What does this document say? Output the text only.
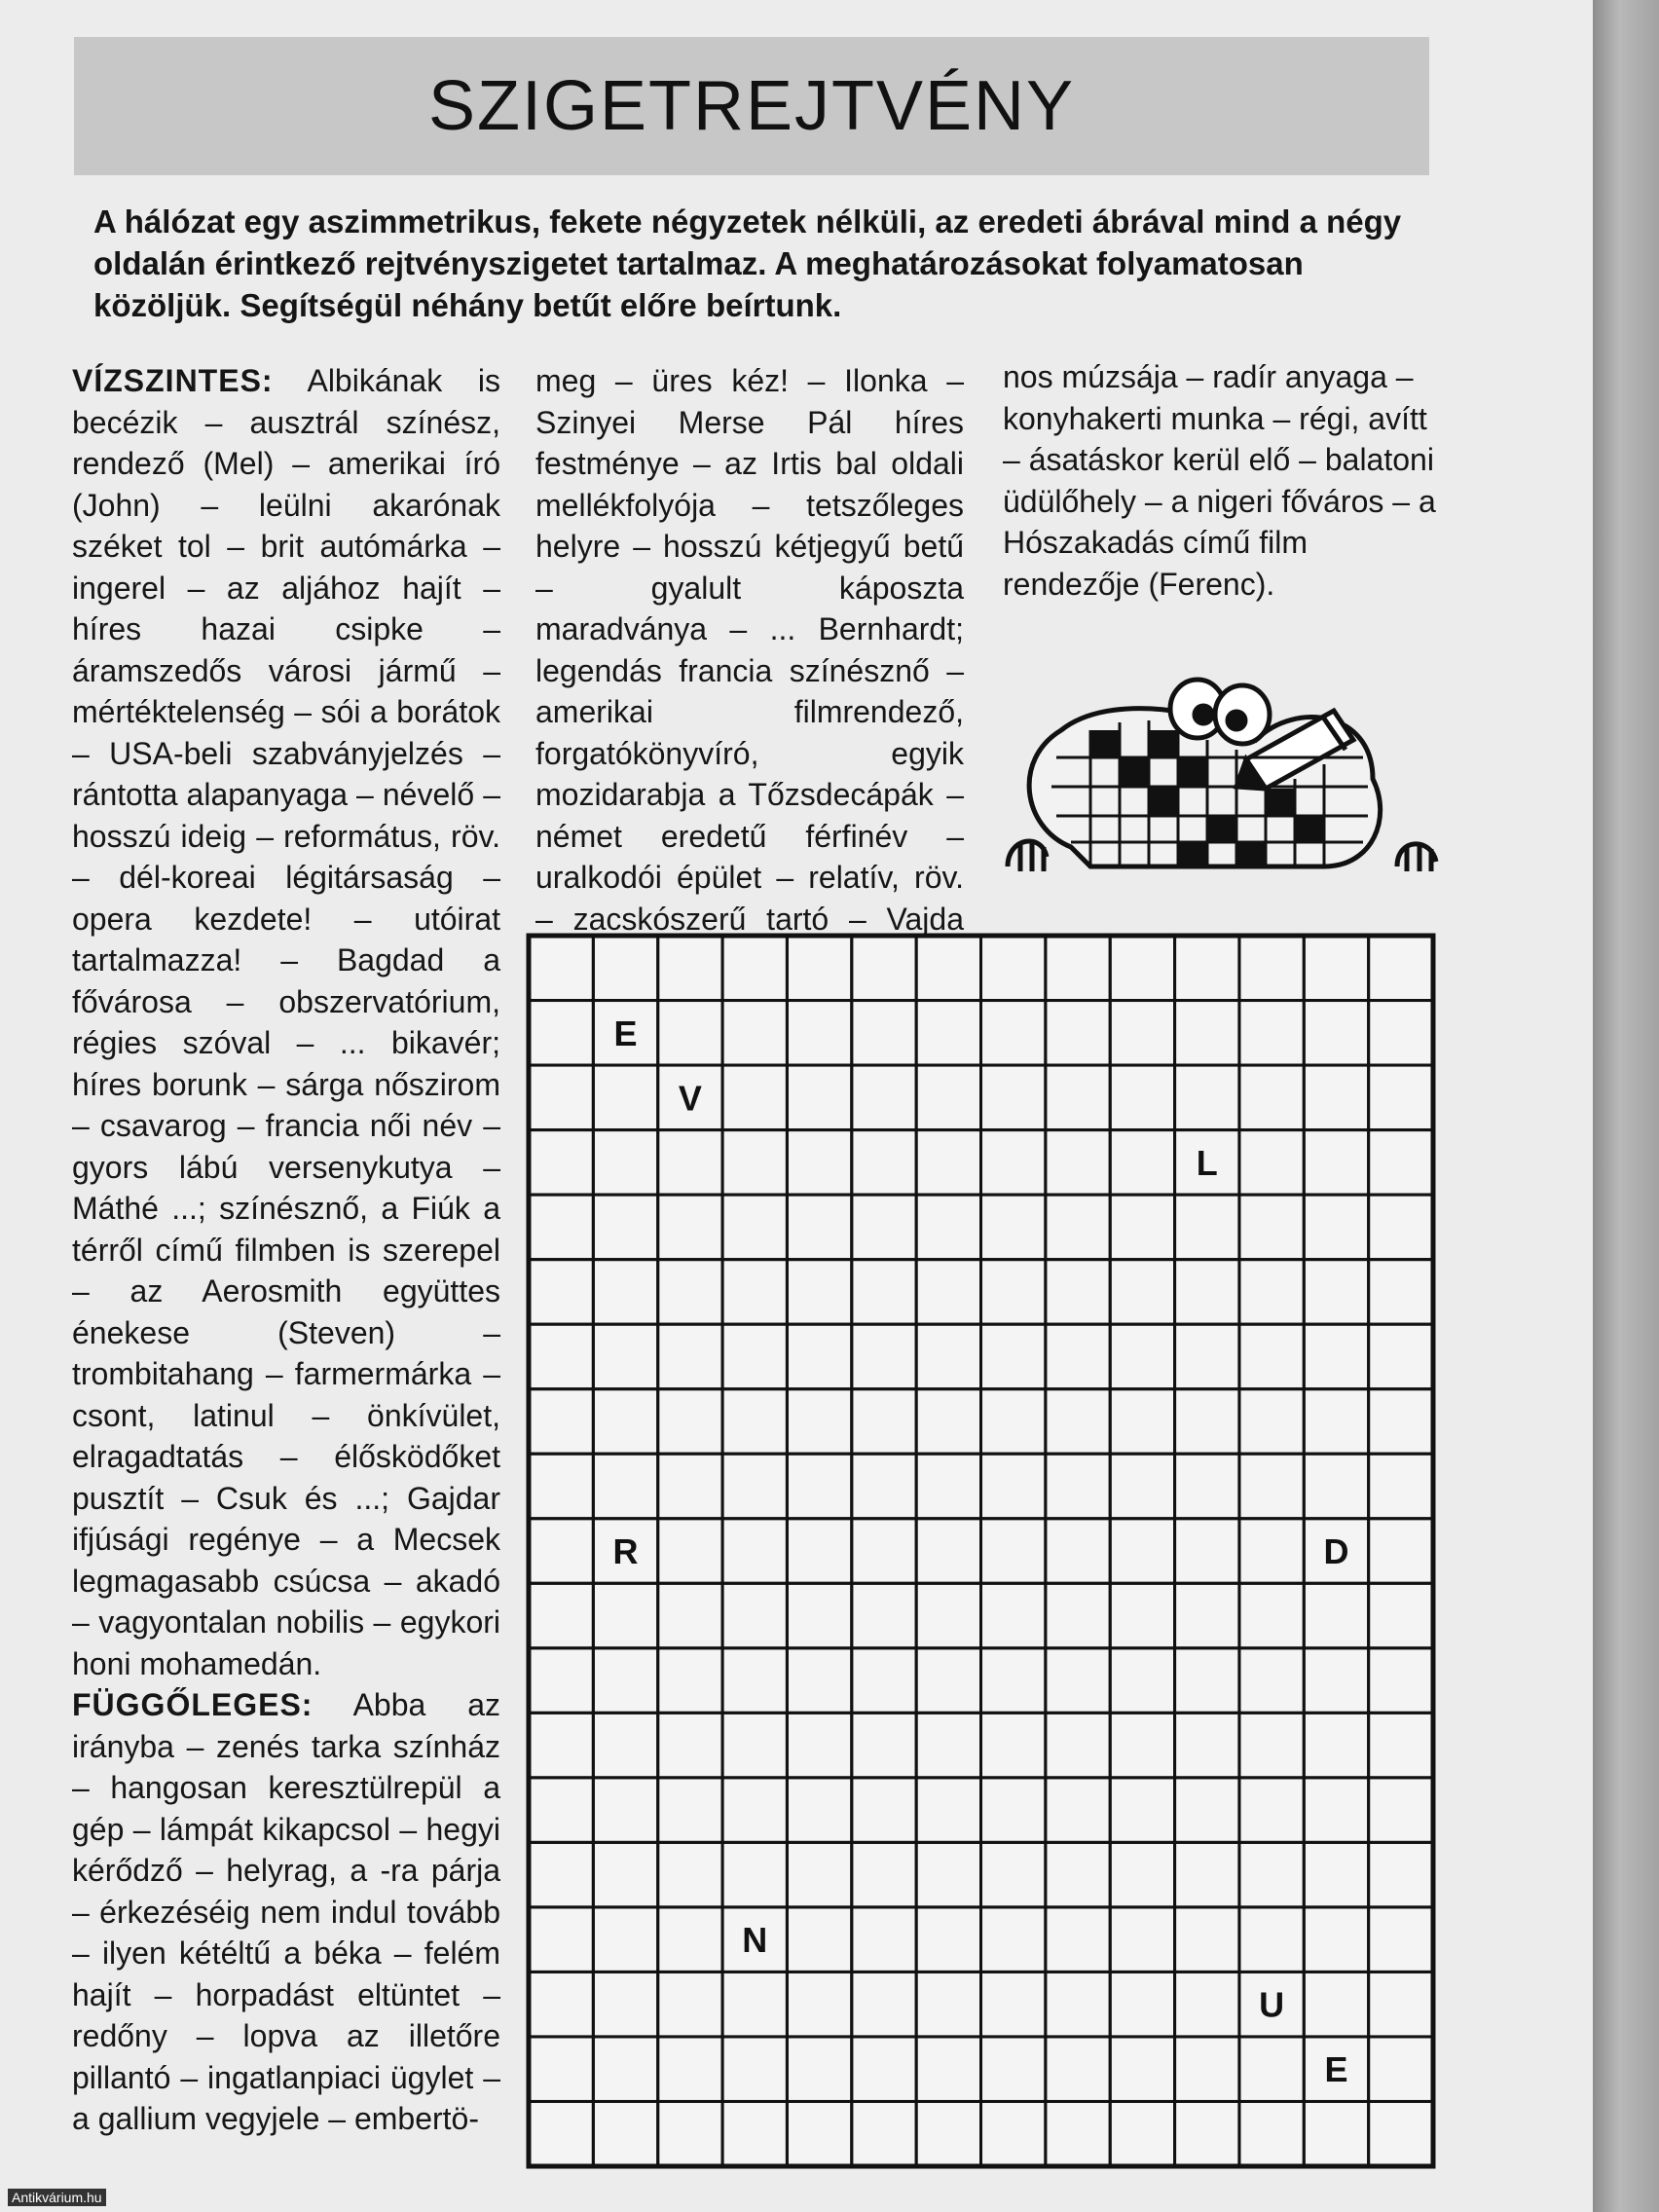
SZIGETREJTVÉNY

A hálózat egy aszimmetrikus, fekete négyzetek nélküli, az eredeti ábrával mind a négy oldalán érintkező rejtvényszigetet tartalmaz. A meghatározásokat folyamatosan közöljük. Segítségül néhány betűt előre beírtunk.

VÍZSZINTES: Albikának is becézik – ausztrál színész, rendező (Mel) – amerikai író (John) – leülni akarónak széket tol – brit autómárka – ingerel – az aljához hajít – híres hazai csipke – áramszedős városi jármű – mértéktelenség – sói a borátok – USA-beli szabványjelzés – rántotta alapanyaga – névelő – hosszú ideig – református, röv. – dél-koreai légitársaság – opera kezdete! – utóirat tartalmazza! – Bagdad a fővárosa – obszervatórium, régies szóval – ... bikavér; híres borunk – sárga nőszirom – csavarog – francia női név – gyors lábú versenykutya – Máthé ...; színésznő, a Fiúk a térről című filmben is szerepel – az Aerosmith együttes énekese (Steven) – trombitahang – farmermárka – csont, latinul – önkívület, elragadtatás – élősködőket pusztít – Csuk és ...; Gajdar ifjúsági regénye – a Mecsek legmagasabb csúcsa – akadó – vagyontalan nobilis – egykori honi mohamedán.

FÜGGŐLEGES: Abba az irányba – zenés tarka színház – hangosan keresztülrepül a gép – lámpát kikapcsol – hegyi kérődző – helyrag, a -ra párja – érkezéséig nem indul tovább – ilyen kétéltű a béka – felém hajít – horpadást eltüntet – redőny – lopva az illetőre pillantó – ingatlanpiaci ügylet – a gallium vegyjele – embertö-

meg – üres kéz! – Ilonka – Szinyei Merse Pál híres festménye – az Irtis bal oldali mellékfolyója – tetszőleges helyre – hosszú kétjegyű betű – gyalult káposzta maradványa – ... Bernhardt; legendás francia színésznő – amerikai filmrendező, forgatókönyvíró, egyik mozidarabja a Tőzsdecápák – német eredetű férfinév – uralkodói épület – relatív, röv. – zacskószerű tartó – Vajda

nos múzsája – radír anyaga – konyhakerti munka – régi, avítt – ásatáskor kerül elő – balatoni üdülőhely – a nigeri főváros – a Hószakadás című film rendezője (Ferenc).

E
V
L
R	D
N
U
E
Antikvárium.hu
